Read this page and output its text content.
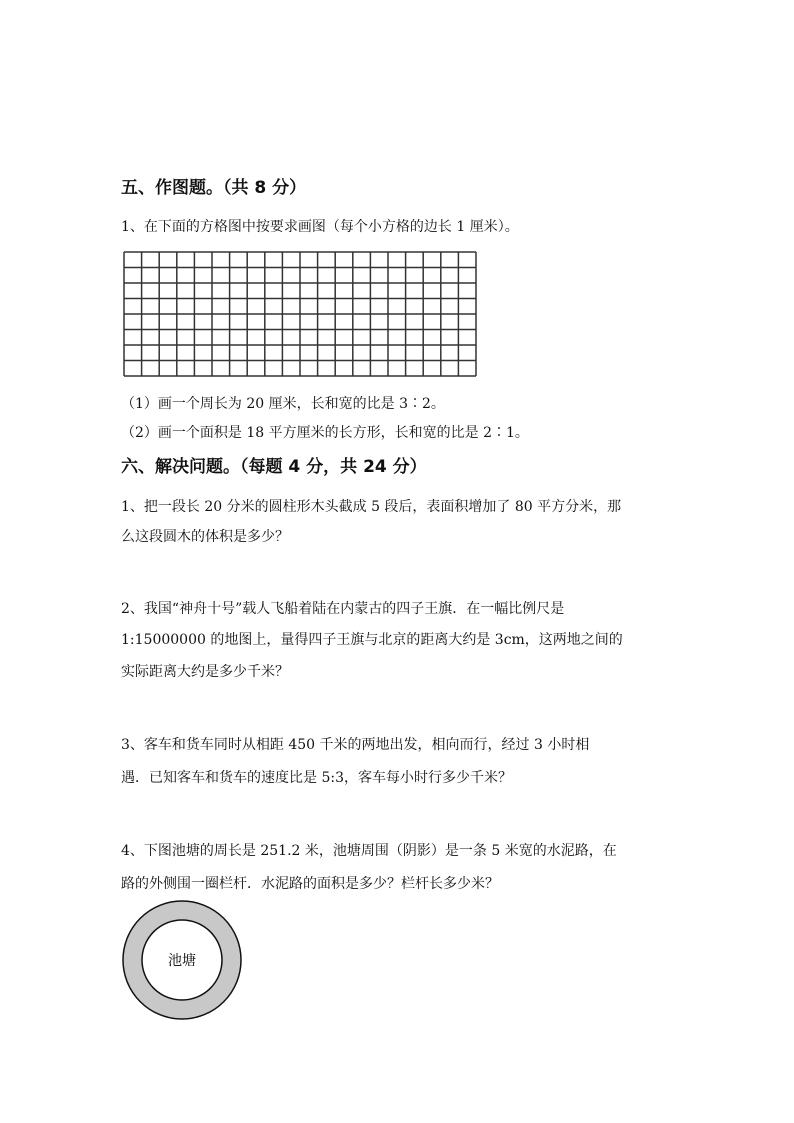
五、作图题。（共 8 分）
1、在下面的方格图中按要求画图（每个小方格的边长 1 厘米）。
（1）画一个周长为 20 厘米，长和宽的比是 3∶2。
（2）画一个面积是 18 平方厘米的长方形，长和宽的比是 2∶1。
六、解决问题。（每题 4 分，共 24 分）
1、把一段长 20 分米的圆柱形木头截成 5 段后，表面积增加了 80 平方分米，那
么这段圆木的体积是多少？
2、我国“神舟十号”载人飞船着陆在内蒙古的四子王旗．在一幅比例尺是
1:15000000 的地图上，量得四子王旗与北京的距离大约是 3cm，这两地之间的
实际距离大约是多少千米？
3、客车和货车同时从相距 450 千米的两地出发，相向而行，经过 3 小时相
遇．已知客车和货车的速度比是 5:3，客车每小时行多少千米？
4、下图池塘的周长是 251.2 米，池塘周围（阴影）是一条 5 米宽的水泥路，在
路的外侧围一圈栏杆．水泥路的面积是多少？栏杆长多少米？
池塘
